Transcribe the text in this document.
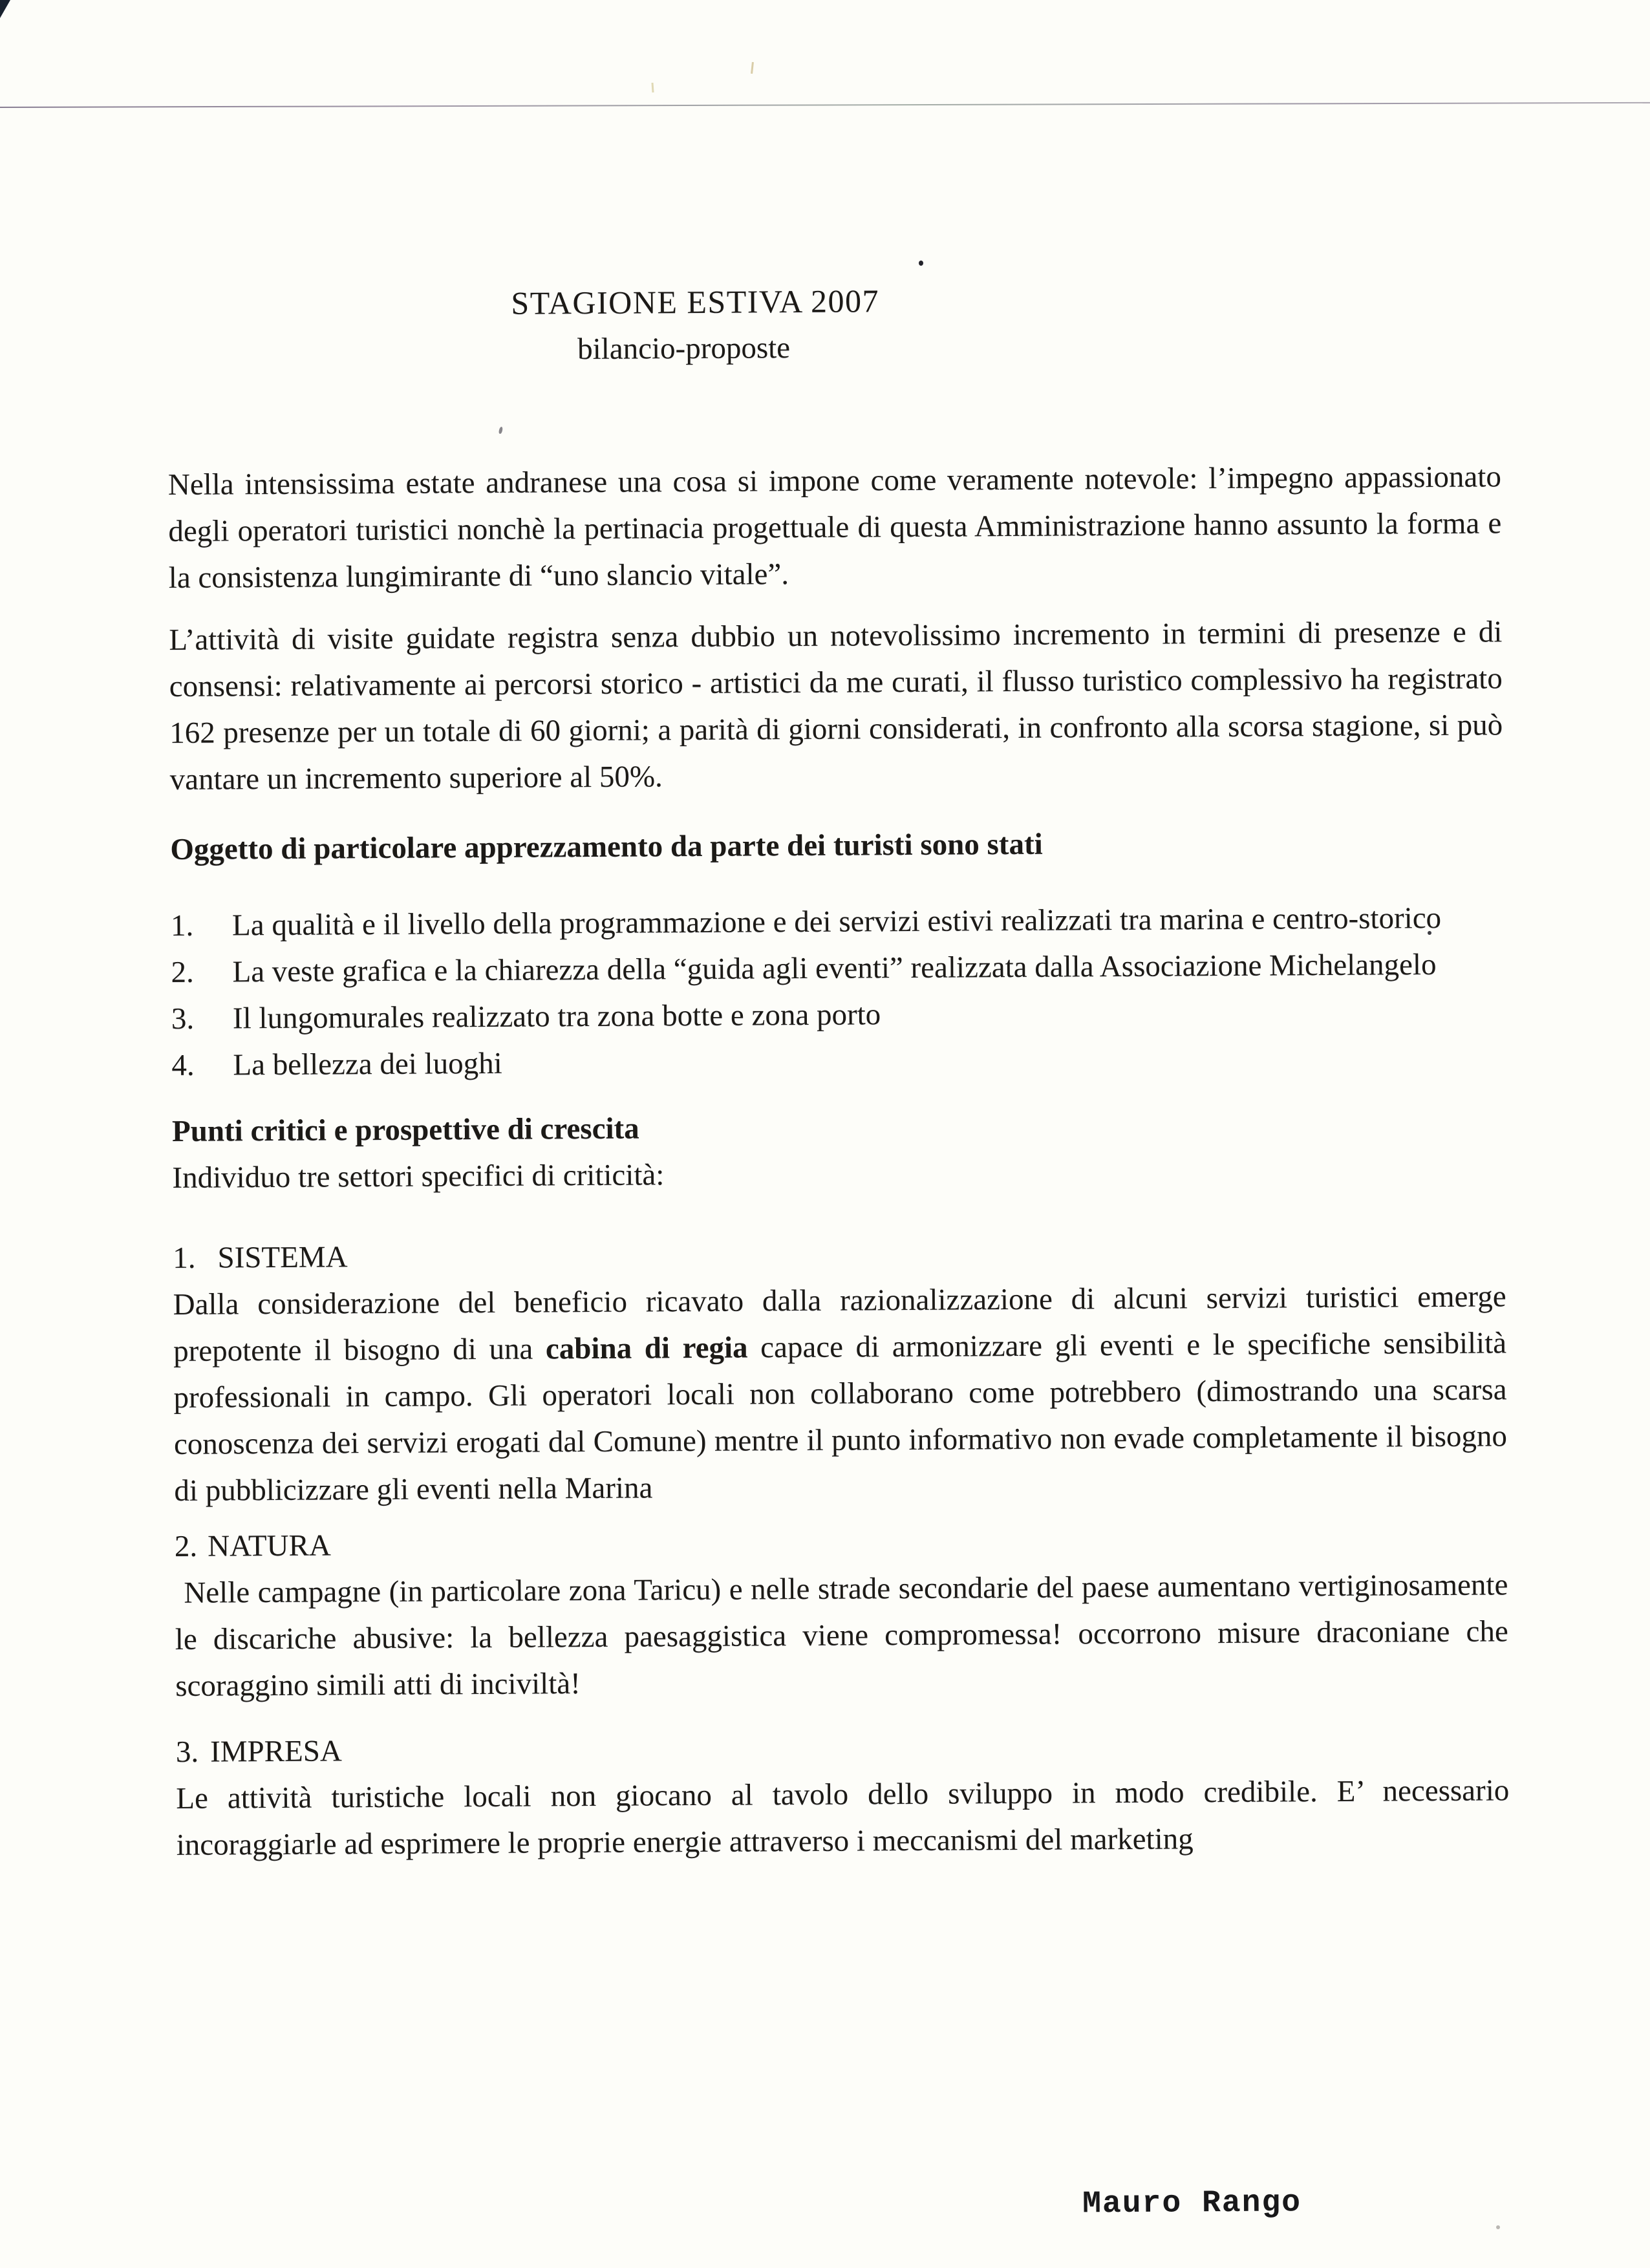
STAGIONE ESTIVA 2007
bilancio-proposte

Nella intensissima estate andranese una cosa si impone come veramente notevole: l’impegno appassionato degli operatori turistici nonchè la pertinacia progettuale di questa Amministrazione hanno assunto la forma e la consistenza lungimirante di “uno slancio vitale”.

L’attività di visite guidate registra senza dubbio un notevolissimo incremento in termini di presenze e di consensi: relativamente ai percorsi storico - artistici da me curati, il flusso turistico complessivo ha registrato 162 presenze per un totale di 60 giorni; a parità di giorni considerati, in confronto alla scorsa stagione, si può vantare un incremento superiore al 50%.

Oggetto di particolare apprezzamento da parte dei turisti sono stati
1.	La qualità e il livello della programmazione e dei servizi estivi realizzati tra marina e centro-storico
2.	La veste grafica e la chiarezza della “guida agli eventi” realizzata dalla Associazione Michelangelo
3.	Il lungomurales realizzato tra zona botte e zona porto
4.	La bellezza dei luoghi
Punti critici e prospettive di crescita

Individuo tre settori specifici di criticità:

1. SISTEMA

Dalla considerazione del beneficio ricavato dalla razionalizzazione di alcuni servizi turistici emerge prepotente il bisogno di una cabina di regia capace di armonizzare gli eventi e le specifiche sensibilità professionali in campo. Gli operatori locali non collaborano come potrebbero (dimostrando una scarsa conoscenza dei servizi erogati dal Comune) mentre il punto informativo non evade completamente il bisogno di pubblicizzare gli eventi nella Marina

2. NATURA

Nelle campagne (in particolare zona Taricu) e nelle strade secondarie del paese aumentano vertiginosamente le discariche abusive: la bellezza paesaggistica viene compromessa! occorrono misure draconiane che scoraggino simili atti di inciviltà!

3. IMPRESA

Le attività turistiche locali non giocano al tavolo dello sviluppo in modo credibile. E’ necessario incoraggiarle ad esprimere le proprie energie attraverso i meccanismi del marketing

Mauro Rango
